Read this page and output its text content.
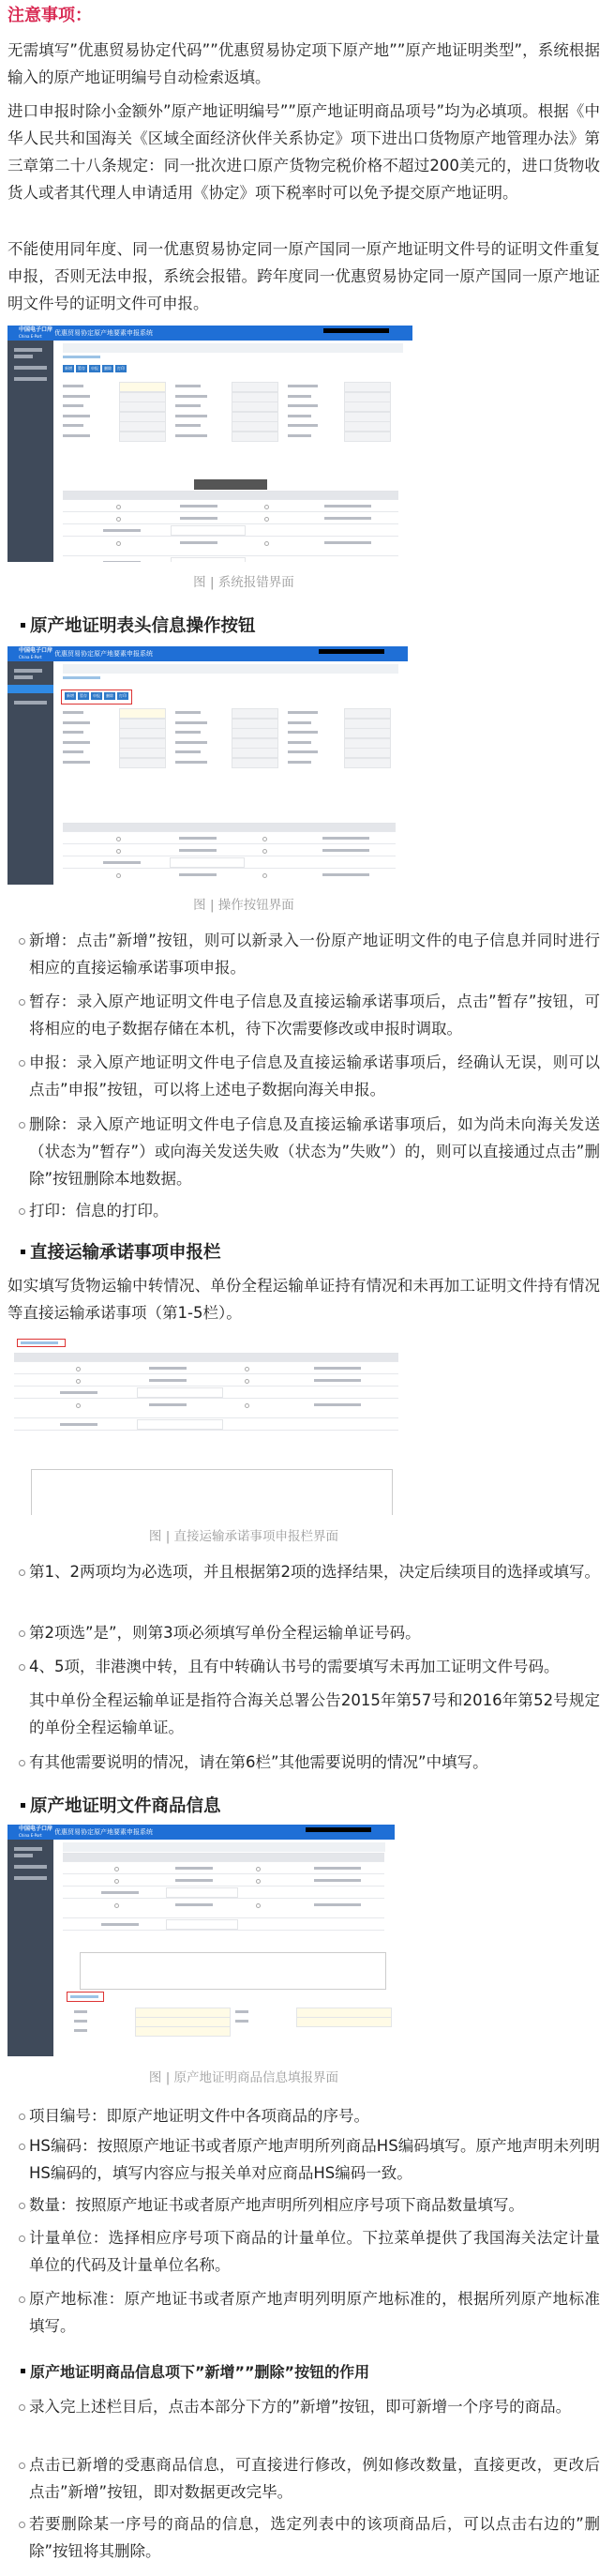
注意事项：

无需填写”优惠贸易协定代码””优惠贸易协定项下原产地””原产地证明类型”，系统根据输入的原产地证明编号自动检索返填。

进口申报时除小金额外”原产地证明编号””原产地证明商品项号”均为必填项。根据《中华人民共和国海关《区域全面经济伙伴关系协定》项下进出口货物原产地管理办法》第三章第二十八条规定：同一批次进口原产货物完税价格不超过200美元的，进口货物收货人或者其代理人申请适用《协定》项下税率时可以免予提交原产地证明。

不能使用同年度、同一优惠贸易协定同一原产国同一原产地证明文件号的证明文件重复申报，否则无法申报，系统会报错。跨年度同一优惠贸易协定同一原产国同一原产地证明文件号的证明文件可申报。

中国电子口岸
China E-Port	优惠贸易协定原产地要素申报系统
新增	暂存	申报	删除	打印
图 | 系统报错界面

原产地证明表头信息操作按钮

中国电子口岸
China E-Port	优惠贸易协定原产地要素申报系统
新增	暂存	申报	删除	打印
图 | 操作按钮界面

新增：点击”新增”按钮，则可以新录入一份原产地证明文件的电子信息并同时进行相应的直接运输承诺事项申报。

暂存：录入原产地证明文件电子信息及直接运输承诺事项后，点击”暂存”按钮，可将相应的电子数据存储在本机，待下次需要修改或申报时调取。

申报：录入原产地证明文件电子信息及直接运输承诺事项后，经确认无误，则可以点击”申报”按钮，可以将上述电子数据向海关申报。

删除：录入原产地证明文件电子信息及直接运输承诺事项后，如为尚未向海关发送（状态为”暂存”）或向海关发送失败（状态为”失败”）的，则可以直接通过点击”删除”按钮删除本地数据。

打印：信息的打印。

直接运输承诺事项申报栏

如实填写货物运输中转情况、单份全程运输单证持有情况和未再加工证明文件持有情况等直接运输承诺事项（第1-5栏）。

图 | 直接运输承诺事项申报栏界面

第1、2两项均为必选项，并且根据第2项的选择结果，决定后续项目的选择或填写。

第2项选”是”，则第3项必须填写单份全程运输单证号码。

4、5项，非港澳中转，且有中转确认书号的需要填写未再加工证明文件号码。

其中单份全程运输单证是指符合海关总署公告2015年第57号和2016年第52号规定的单份全程运输单证。

有其他需要说明的情况，请在第6栏”其他需要说明的情况”中填写。

原产地证明文件商品信息

中国电子口岸
China E-Port	优惠贸易协定原产地要素申报系统
图 | 原产地证明商品信息填报界面

项目编号：即原产地证明文件中各项商品的序号。

HS编码：按照原产地证书或者原产地声明所列商品HS编码填写。原产地声明未列明HS编码的，填写内容应与报关单对应商品HS编码一致。

数量：按照原产地证书或者原产地声明所列相应序号项下商品数量填写。

计量单位：选择相应序号项下商品的计量单位。下拉菜单提供了我国海关法定计量单位的代码及计量单位名称。

原产地标准：原产地证书或者原产地声明列明原产地标准的，根据所列原产地标准填写。

原产地证明商品信息项下”新增””删除”按钮的作用

录入完上述栏目后，点击本部分下方的”新增”按钮，即可新增一个序号的商品。

点击已新增的受惠商品信息，可直接进行修改，例如修改数量，直接更改，更改后点击”新增”按钮，即对数据更改完毕。

若要删除某一序号的商品的信息，选定列表中的该项商品后，可以点击右边的”删除”按钮将其删除。
